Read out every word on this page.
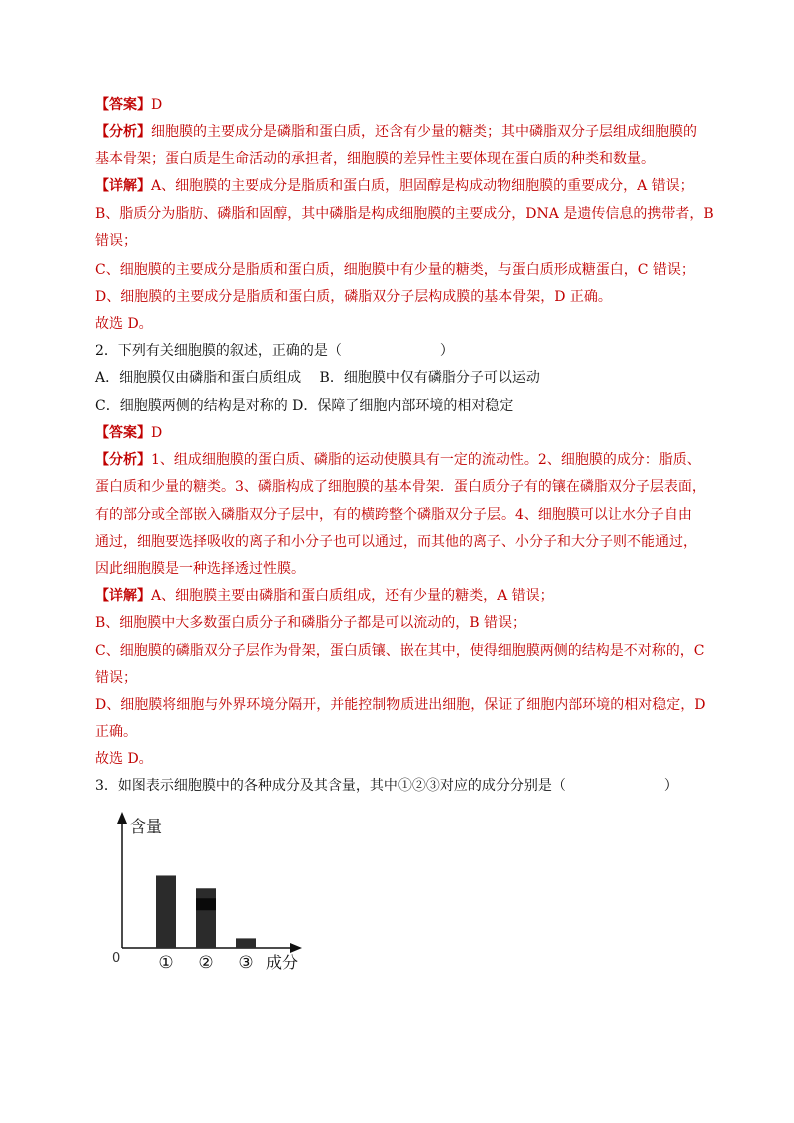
【答案】D
【分析】细胞膜的主要成分是磷脂和蛋白质，还含有少量的糖类；其中磷脂双分子层组成细胞膜的
基本骨架；蛋白质是生命活动的承担者，细胞膜的差异性主要体现在蛋白质的种类和数量。
【详解】A、细胞膜的主要成分是脂质和蛋白质，胆固醇是构成动物细胞膜的重要成分，A 错误；
B、脂质分为脂肪、磷脂和固醇，其中磷脂是构成细胞膜的主要成分，DNA 是遗传信息的携带者，B
错误；
C、细胞膜的主要成分是脂质和蛋白质，细胞膜中有少量的糖类，与蛋白质形成糖蛋白，C 错误；
D、细胞膜的主要成分是脂质和蛋白质，磷脂双分子层构成膜的基本骨架，D 正确。
故选 D。
2．下列有关细胞膜的叙述，正确的是（　　　　　　　）
A．细胞膜仅由磷脂和蛋白质组成　 B．细胞膜中仅有磷脂分子可以运动
C．细胞膜两侧的结构是对称的 D．保障了细胞内部环境的相对稳定
【答案】D
【分析】1、组成细胞膜的蛋白质、磷脂的运动使膜具有一定的流动性。2、细胞膜的成分：脂质、
蛋白质和少量的糖类。3、磷脂构成了细胞膜的基本骨架．蛋白质分子有的镶在磷脂双分子层表面，
有的部分或全部嵌入磷脂双分子层中，有的横跨整个磷脂双分子层。4、细胞膜可以让水分子自由
通过，细胞要选择吸收的离子和小分子也可以通过，而其他的离子、小分子和大分子则不能通过，
因此细胞膜是一种选择透过性膜。
【详解】A、细胞膜主要由磷脂和蛋白质组成，还有少量的糖类，A 错误；
B、细胞膜中大多数蛋白质分子和磷脂分子都是可以流动的，B 错误；
C、细胞膜的磷脂双分子层作为骨架，蛋白质镶、嵌在其中，使得细胞膜两侧的结构是不对称的，C
错误；
D、细胞膜将细胞与外界环境分隔开，并能控制物质进出细胞，保证了细胞内部环境的相对稳定，D
正确。
故选 D。
3．如图表示细胞膜中的各种成分及其含量，其中①②③对应的成分分别是（　　　　　　　）
含量
0	成分
① ② ③
